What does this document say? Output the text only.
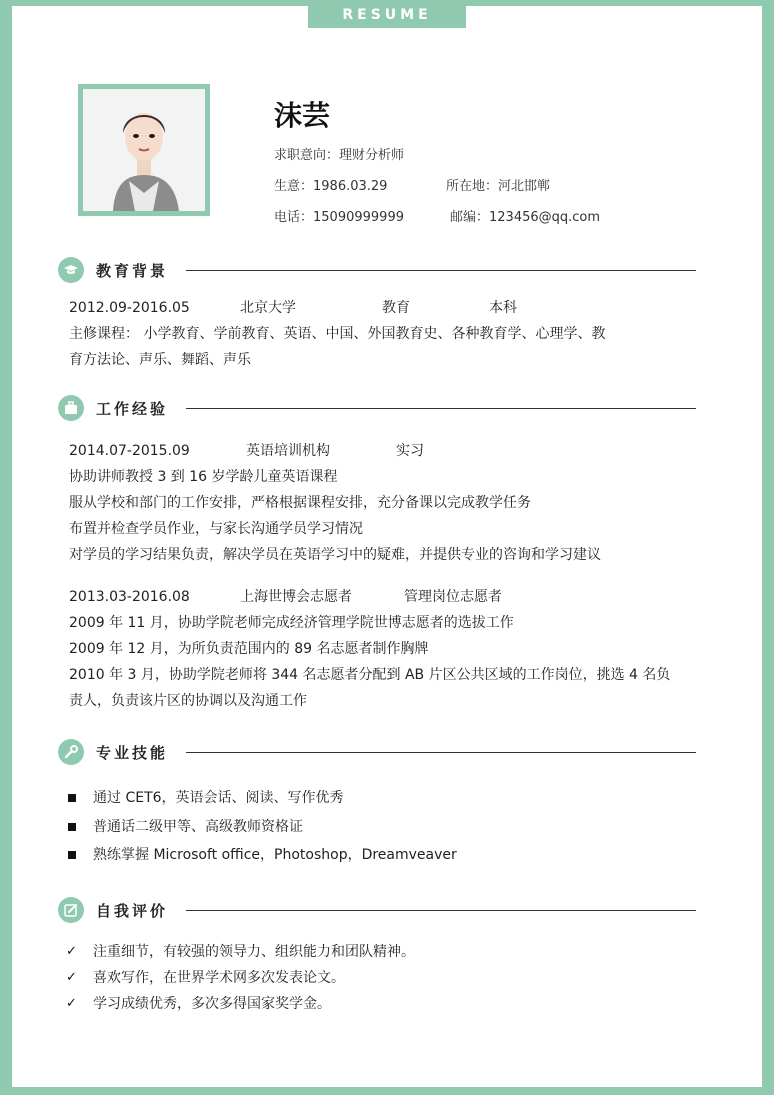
RESUME
沫芸
求职意向：理财分析师
生意：1986.03.29	所在地：河北邯郸
电话：15090999999	邮编：123456@qq.com
教育背景
2012.09-2016.05	北京大学	教育	本科
主修课程： 小学教育、学前教育、英语、中国、外国教育史、各种教育学、心理学、教
育方法论、声乐、舞蹈、声乐
工作经验
2014.07-2015.09	英语培训机构	实习
协助讲师教授 3 到 16 岁学龄儿童英语课程
服从学校和部门的工作安排，严格根据课程安排，充分备课以完成教学任务
布置并检查学员作业，与家长沟通学员学习情况
对学员的学习结果负责，解决学员在英语学习中的疑难，并提供专业的咨询和学习建议
2013.03-2016.08	上海世博会志愿者	管理岗位志愿者
2009 年 11 月，协助学院老师完成经济管理学院世博志愿者的选拔工作
2009 年 12 月，为所负责范围内的 89 名志愿者制作胸牌
2010 年 3 月，协助学院老师将 344 名志愿者分配到 AB 片区公共区域的工作岗位，挑选 4 名负
责人，负责该片区的协调以及沟通工作
专业技能
通过 CET6，英语会话、阅读、写作优秀
普通话二级甲等、高级教师资格证
熟练掌握 Microsoft office，Photoshop，Dreamveaver
自我评价
✓ 注重细节，有较强的领导力、组织能力和团队精神。
✓ 喜欢写作，在世界学术网多次发表论文。
✓ 学习成绩优秀，多次多得国家奖学金。
